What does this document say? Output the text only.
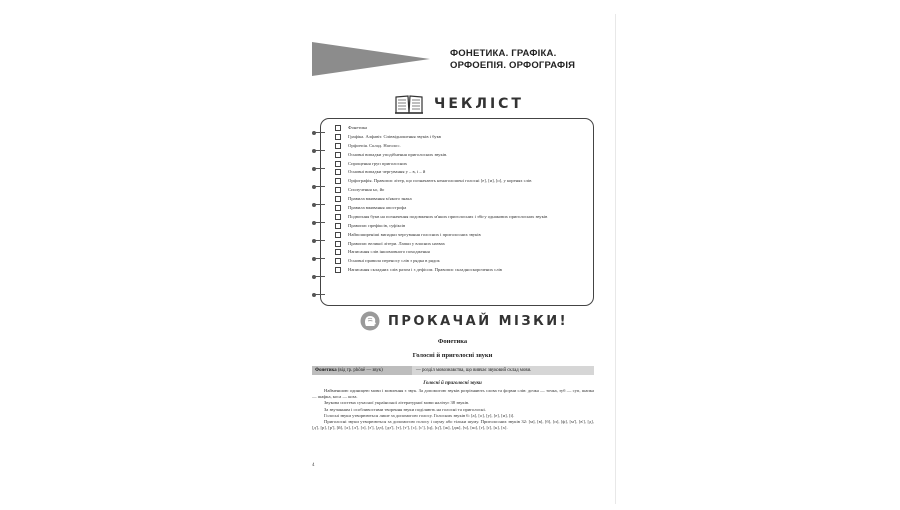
ФОНЕТИКА. ГРАФІКА.
ОРФОЕПІЯ. ОРФОГРАФІЯ
ЧЕКЛІСТ
Фонетика
Графіка. Алфавіт. Співвідношення звуків і букв
Орфоепія. Склад. Наголос.
Основні випадки уподібнення приголосних звуків.
Спрощення груп приголосних
Основні випадки чергування у – в, і – й
Орфографія. Правопис літер, що позначають ненаголошені голосні [е], [и], [о], у коренях слів
Сполучення ьо, йо
Правила вживання м'якого знака
Правила вживання апострофа
Подвоєння букв на позначення подовжених м'яких приголосних і збігу однакових приголосних звуків
Правопис префіксів, суфіксів
Найпоширеніші випадки чергування голосних і приголосних звуків
Правопис великої літери. Лапки у власних назвах
Написання слів іншомовного походження
Основні правила переносу слів з рядка в рядок
Написання складних слів разом і з дефісом. Правопис складноскорочених слів
ПРОКАЧАЙ МІЗКИ!
Фонетика
Голосні й приголосні звуки
Фонетика (від гр. phōnē — звук)	— розділ мовознавства, що вивчає звуковий склад мови.
Голосні й приголосні звуки

Найменшою одиницею мови і мовлення є звук. За допомогою звуків розрізняють слова та форми слів: дочка — точка, зуб — суп, шапка — шафка, коса — коза.

Звукова система сучасної української літературної мови налічує 38 звуків.

За звучанням і особливостями творення звуки поділяють на голосні та приголосні.

Голосні звуки утворюються лише за допомогою голосу. Голосних звуків 6: [а], [о], [у], [е], [и], [і].

Приголосні звуки утворюються за допомогою голосу і шуму або тільки шуму. Приголосних звуків 32: [м], [в], [б], [п], [ф], [м'], [в'], [д], [д'], [р], [р'], [й], [л], [л'], [з], [з'], [дз], [дз'], [т], [т'], [с], [с'], [ц], [ц'], [ж], [дж], [ч], [ш], [г], [ґ], [к], [х].

4
